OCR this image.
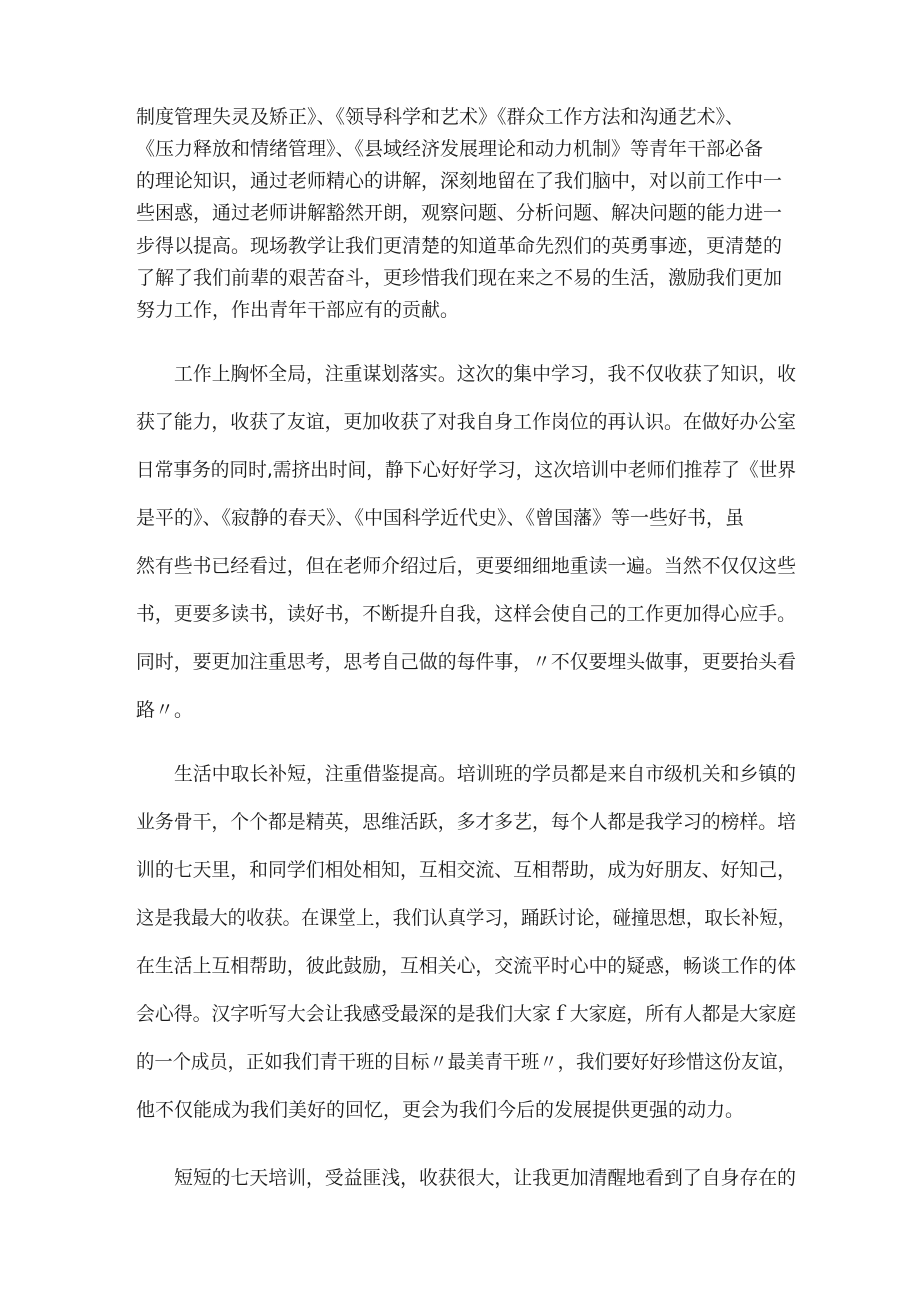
制度管理失灵及矫正》、《领导科学和艺术》《群众工作方法和沟通艺术》、
《压力释放和情绪管理》、《县域经济发展理论和动力机制》等青年干部必备
的理论知识，通过老师精心的讲解，深刻地留在了我们脑中，对以前工作中一
些困惑，通过老师讲解豁然开朗，观察问题、分析问题、解决问题的能力进一
步得以提高。现场教学让我们更清楚的知道革命先烈们的英勇事迹，更清楚的
了解了我们前辈的艰苦奋斗，更珍惜我们现在来之不易的生活，激励我们更加
努力工作，作出青年干部应有的贡献。
工作上胸怀全局，注重谋划落实。这次的集中学习，我不仅收获了知识，收
获了能力，收获了友谊，更加收获了对我自身工作岗位的再认识。在做好办公室
日常事务的同时,需挤出时间，静下心好好学习，这次培训中老师们推荐了《世界
是平的》、《寂静的春天》、《中国科学近代史》、《曾国藩》等一些好书，虽
然有些书已经看过，但在老师介绍过后，更要细细地重读一遍。当然不仅仅这些
书，更要多读书，读好书，不断提升自我，这样会使自己的工作更加得心应手。
同时，要更加注重思考，思考自己做的每件事，〃不仅要埋头做事，更要抬头看
路〃。
生活中取长补短，注重借鉴提高。培训班的学员都是来自市级机关和乡镇的
业务骨干，个个都是精英，思维活跃，多才多艺，每个人都是我学习的榜样。培
训的七天里，和同学们相处相知，互相交流、互相帮助，成为好朋友、好知己，
这是我最大的收获。在课堂上，我们认真学习，踊跃讨论，碰撞思想，取长补短，
在生活上互相帮助，彼此鼓励，互相关心，交流平时心中的疑惑，畅谈工作的体
会心得。汉字听写大会让我感受最深的是我们大家ｆ大家庭，所有人都是大家庭
的一个成员，正如我们青干班的目标〃最美青干班〃，我们要好好珍惜这份友谊，
他不仅能成为我们美好的回忆，更会为我们今后的发展提供更强的动力。
短短的七天培训，受益匪浅，收获很大，让我更加清醒地看到了自身存在的
